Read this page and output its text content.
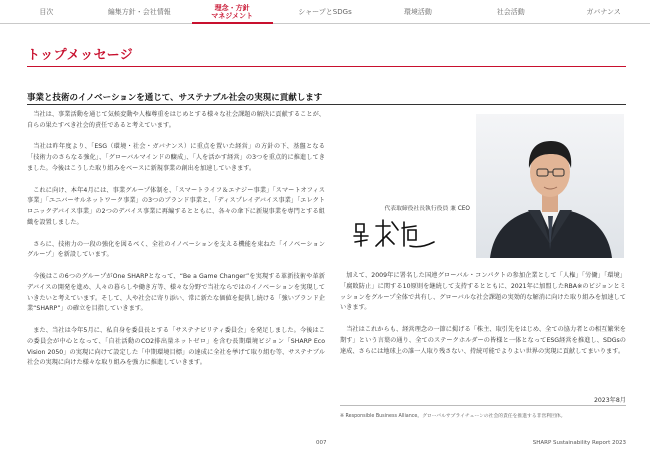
目次	編集方針・会社情報	理念・方針
マネジメント	シャープとSDGs	環境活動	社会活動	ガバナンス
トップメッセージ
事業と技術のイノベーションを通じて、サステナブル社会の実現に貢献します

当社は、事業活動を通じて気候変動や人権尊重をはじめとする様々な社会課題の解決に貢献することが、自らの果たすべき社会的責任であると考えています。

当社は昨年度より、「ESG（環境・社会・ガバナンス）に重点を置いた経営」の方針の下、基盤となる「技術力のさらなる強化」、「グローバルマインドの醸成」、「人を活かす経営」の3つを重点的に推進してきました。今後はこうした取り組みをベースに新規事業の創出を加速していきます。

これに向け、本年4月には、事業グループ体制を、「スマートライフ＆エナジー事業」「スマートオフィス事業」「ユニバーサルネットワーク事業」の3つのブランド事業と、「ディスプレイデバイス事業」「エレクトロニックデバイス事業」の2つのデバイス事業に再編するとともに、各々の傘下に新規事業を専門とする組織を設置しました。

さらに、技術力の一段の強化を図るべく、全社のイノベーションを支える機能を束ねた「イノベーショングループ」を新設しています。

今後はこの6つのグループがOne SHARPとなって、“Be a Game Changer”を実現する革新技術や革新デバイスの開発を進め、人々の暮らしや働き方等、様々な分野で当社ならではのイノベーションを実現していきたいと考えています。そして、人や社会に寄り添い、常に新たな価値を提供し続ける「強いブランド企業“SHARP”」の確立を目指していきます。

また、当社は今年5月に、私自身を委員長とする「サステナビリティ委員会」を発足しました。今後はこの委員会が中心となって、「自社活動のCO2排出量ネットゼロ」を含む長期環境ビジョン「SHARP Eco Vision 2050」の実現に向けて設定した「中期環境目標」の達成に全社を挙げて取り組む等、サステナブル社会の実現に向けた様々な取り組みを強力に推進していきます。

代表取締役社長執行役員 兼 CEO

加えて、2009年に署名した国連グローバル・コンパクトの参加企業として「人権」「労働」「環境」「腐敗防止」に関する10原則を継続して支持するとともに、2021年に加盟したRBA※のビジョンとミッションをグループ全体で共有し、グローバルな社会課題の実効的な解消に向けた取り組みを加速していきます。

当社はこれからも、経営理念の一節に掲げる「株主、取引先をはじめ、全ての協力者との相互繁栄を期す」という言葉の通り、全てのステークホルダーの皆様と一体となってESG経営を推進し、SDGsの達成、さらには地球上の誰一人取り残さない、持続可能でよりよい世界の実現に貢献してまいります。

2023年8月
※ Responsible Business Alliance。グローバルサプライチェーンの社会的責任を推進する非営利団体。
007	SHARP Sustainability Report 2023
